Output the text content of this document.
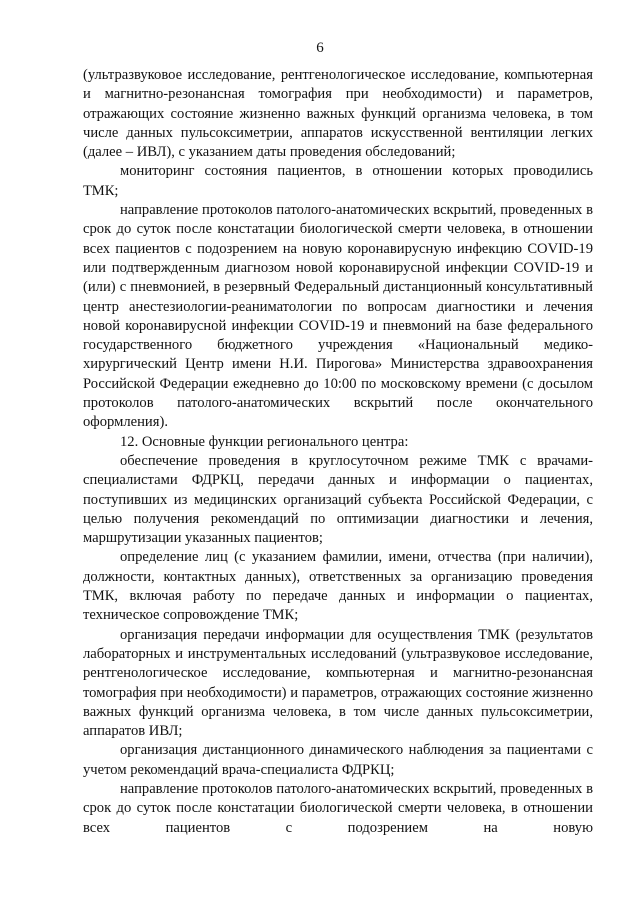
6

(ультразвуковое исследование, рентгенологическое исследование, компьютерная и магнитно-резонансная томография при необходимости) и параметров, отражающих состояние жизненно важных функций организма человека, в том числе данных пульсоксиметрии, аппаратов искусственной вентиляции легких (далее – ИВЛ), с указанием даты проведения обследований;

мониторинг состояния пациентов, в отношении которых проводились ТМК;

направление протоколов патолого-анатомических вскрытий, проведенных в срок до суток после констатации биологической смерти человека, в отношении всех пациентов с подозрением на новую коронавирусную инфекцию COVID-19 или подтвержденным диагнозом новой коронавирусной инфекции COVID-19 и (или) с пневмонией, в резервный Федеральный дистанционный консультативный центр анестезиологии-реаниматологии по вопросам диагностики и лечения новой коронавирусной инфекции COVID-19 и пневмоний на базе федерального государственного бюджетного учреждения «Национальный медико-хирургический Центр имени Н.И. Пирогова» Министерства здравоохранения Российской Федерации ежедневно до 10:00 по московскому времени (с досылом протоколов патолого-анатомических вскрытий после окончательного оформления).

12. Основные функции регионального центра:

обеспечение проведения в круглосуточном режиме ТМК с врачами-специалистами ФДРКЦ, передачи данных и информации о пациентах, поступивших из медицинских организаций субъекта Российской Федерации, с целью получения рекомендаций по оптимизации диагностики и лечения, маршрутизации указанных пациентов;

определение лиц (с указанием фамилии, имени, отчества (при наличии), должности, контактных данных), ответственных за организацию проведения ТМК, включая работу по передаче данных и информации о пациентах, техническое сопровождение ТМК;

организация передачи информации для осуществления ТМК (результатов лабораторных и инструментальных исследований (ультразвуковое исследование, рентгенологическое исследование, компьютерная и магнитно-резонансная томография при необходимости) и параметров, отражающих состояние жизненно важных функций организма человека, в том числе данных пульсоксиметрии, аппаратов ИВЛ;

организация дистанционного динамического наблюдения за пациентами с учетом рекомендаций врача-специалиста ФДРКЦ;

направление протоколов патолого-анатомических вскрытий, проведенных в срок до суток после констатации биологической смерти человека, в отношении всех пациентов с подозрением на новую
